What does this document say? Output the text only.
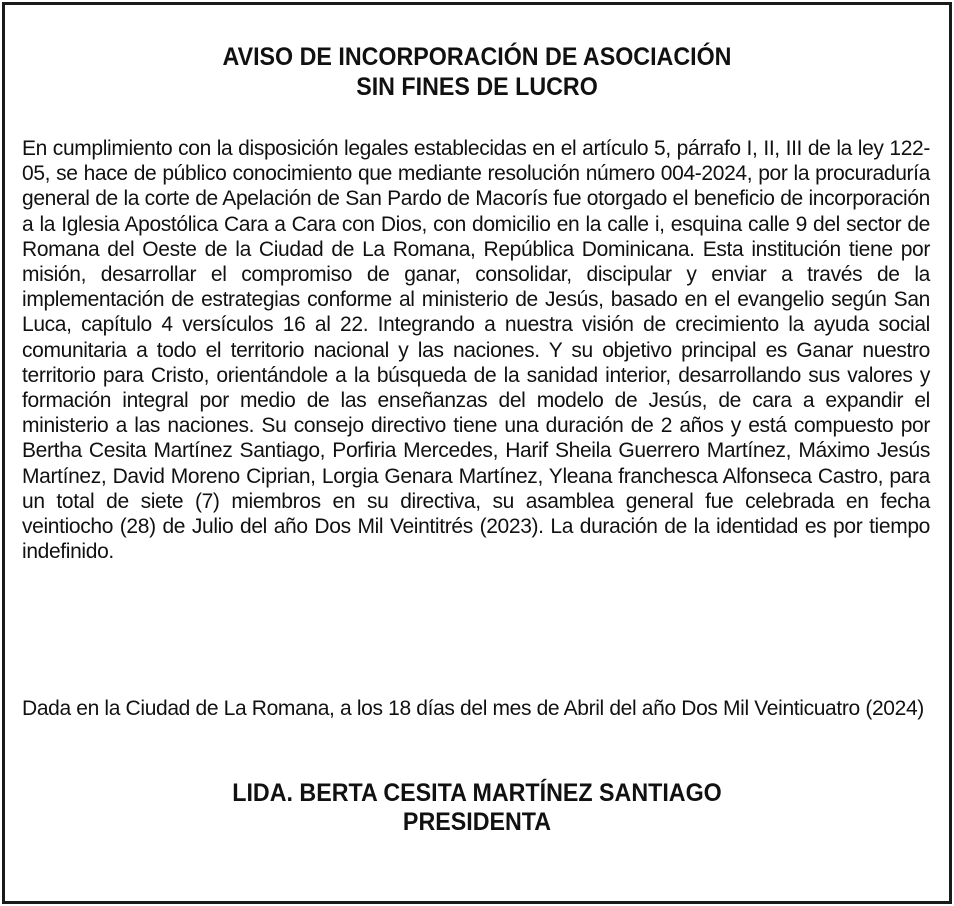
AVISO DE INCORPORACIÓN DE ASOCIACIÓN
SIN FINES DE LUCRO

En cumplimiento con la disposición legales establecidas en el artículo 5, párrafo I, II, III de la ley 122-05, se hace de público conocimiento que mediante resolución número 004-2024, por la procuraduría general de la corte de Apelación de San Pardo de Macorís fue otorgado el beneficio de incorporación a la Iglesia Apostólica Cara a Cara con Dios, con domicilio en la calle i, esquina calle 9 del sector de Romana del Oeste de la Ciudad de La Romana, República Dominicana. Esta institución tiene por misión, desarrollar el compromiso de ganar, consolidar, discipular y enviar a través de la implementación de estrategias conforme al ministerio de Jesús, basado en el evangelio según San Luca, capítulo 4 versículos 16 al 22. Integrando a nuestra visión de crecimiento la ayuda social comunitaria a todo el territorio nacional y las naciones. Y su objetivo principal es Ganar nuestro territorio para Cristo, orientándole a la búsqueda de la sanidad interior, desarrollando sus valores y formación integral por medio de las enseñanzas del modelo de Jesús, de cara a expandir el ministerio a las naciones. Su consejo directivo tiene una duración de 2 años y está compuesto por Bertha Cesita Martínez Santiago, Porfiria Mercedes, Harif Sheila Guerrero Martínez, Máximo Jesús Martínez, David Moreno Ciprian, Lorgia Genara Martínez, Yleana franchesca Alfonseca Castro, para un total de siete (7) miembros en su directiva, su asamblea general fue celebrada en fecha veintiocho (28) de Julio del año Dos Mil Veintitrés (2023). La duración de la identidad es por tiempo indefinido.

Dada en la Ciudad de La Romana, a los 18 días del mes de Abril del año Dos Mil Veinticuatro (2024)

LIDA. BERTA CESITA MARTÍNEZ SANTIAGO
PRESIDENTA
